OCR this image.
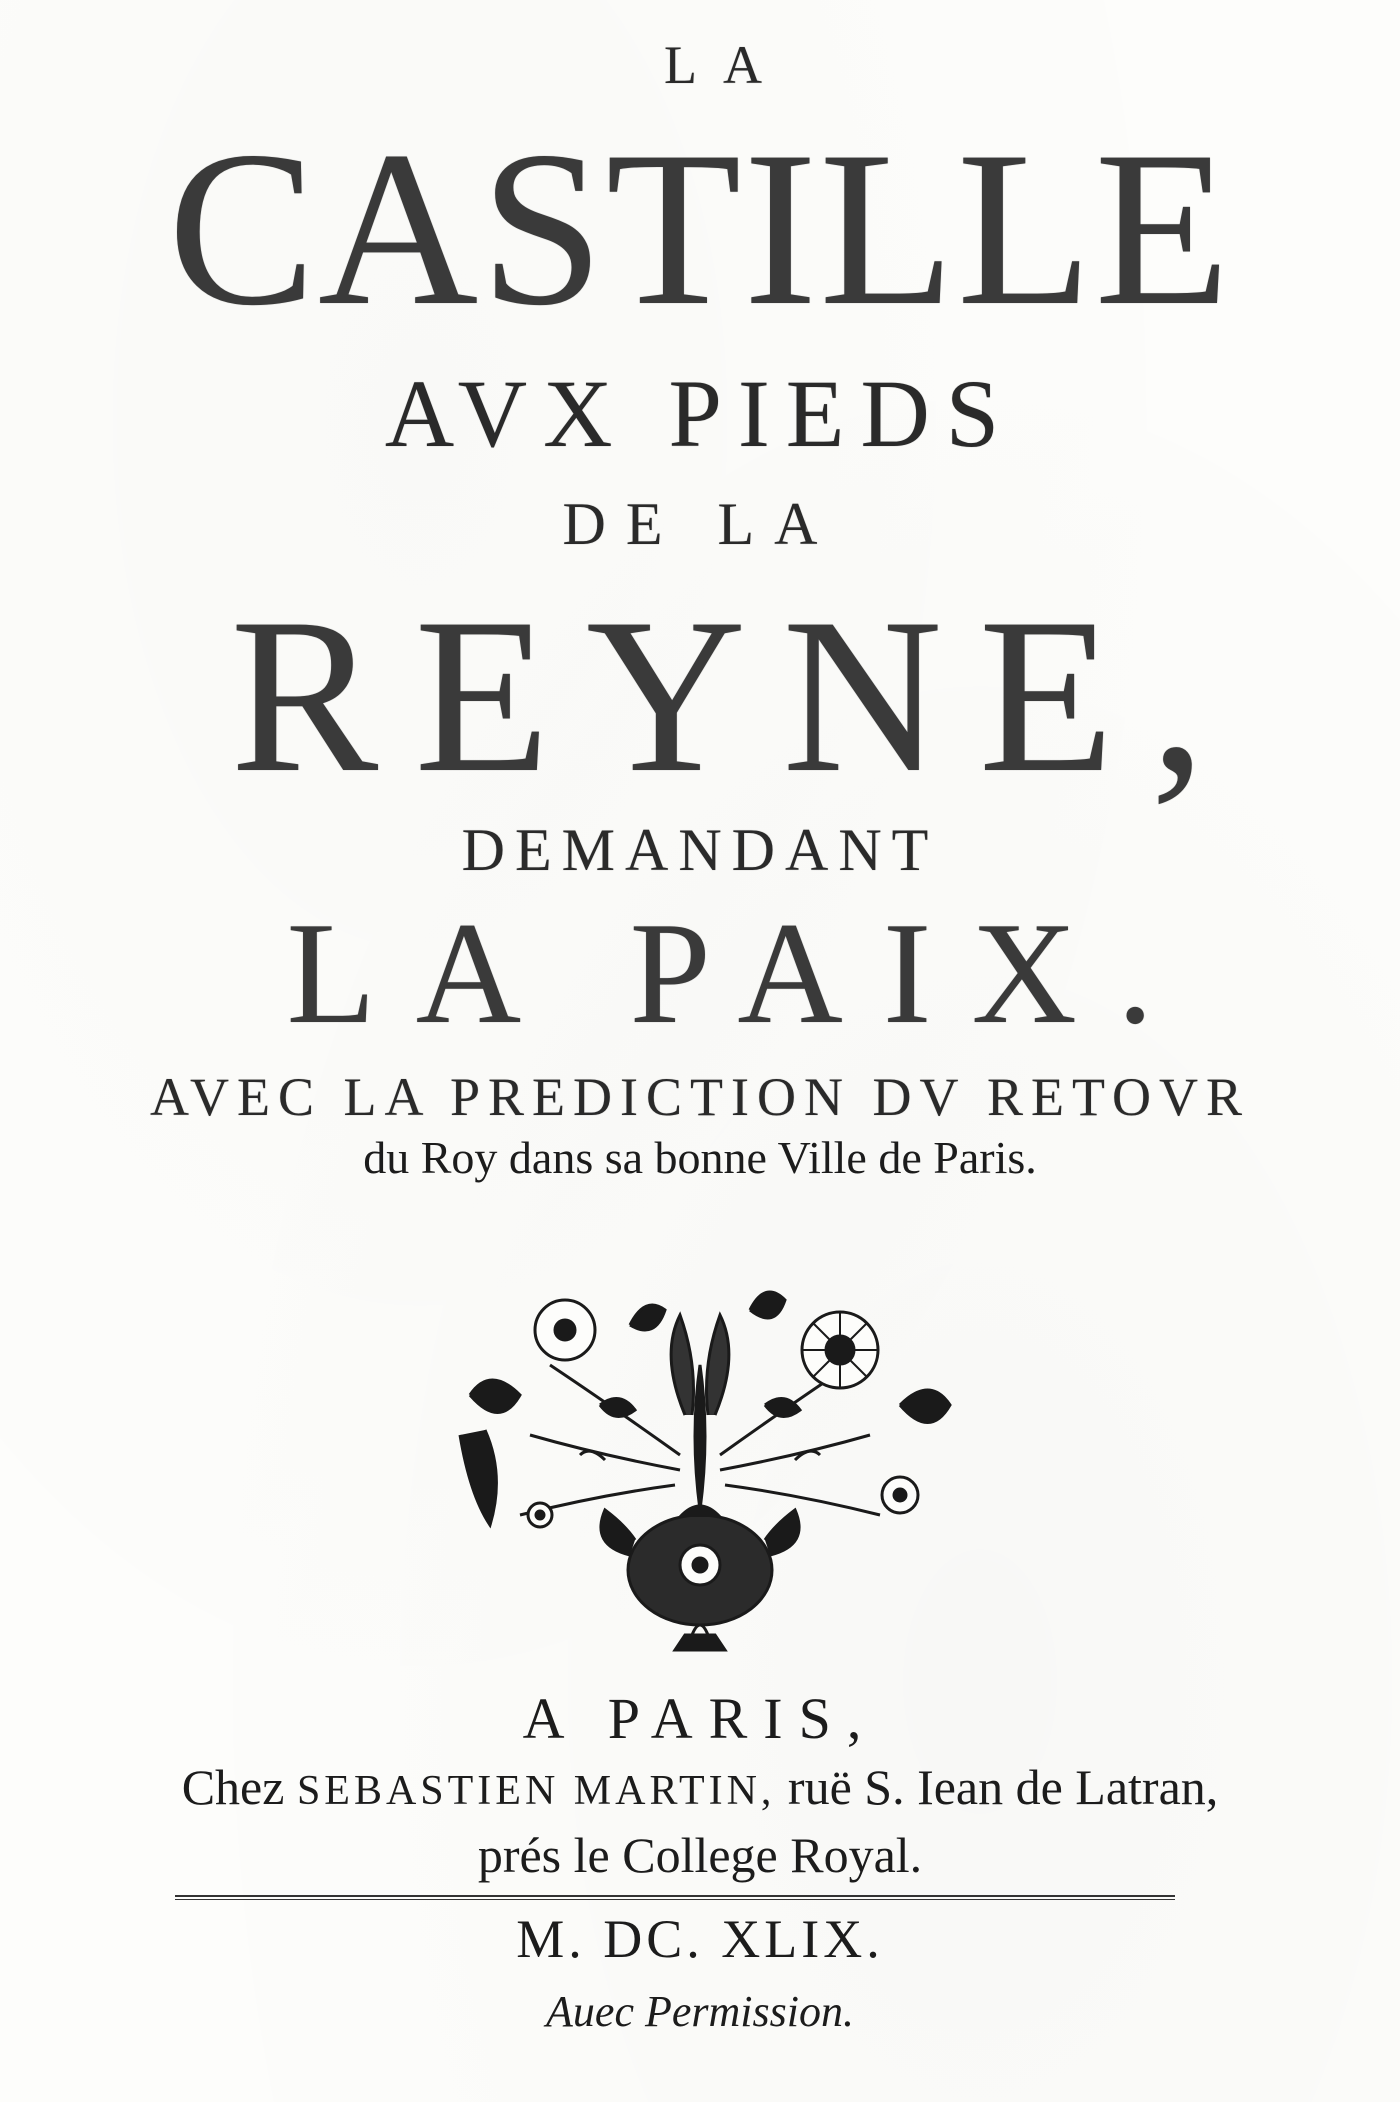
LA
CASTILLE
AVX PIEDS
DE LA
REYNE,
DEMANDANT
LA PAIX.
AVEC LA PREDICTION DV RETOVR
du Roy dans sa bonne Ville de Paris.
A PARIS,
Chez SEBASTIEN MARTIN, ruë S. Iean de Latran,
prés le College Royal.
M. DC. XLIX.
Auec Permission.
